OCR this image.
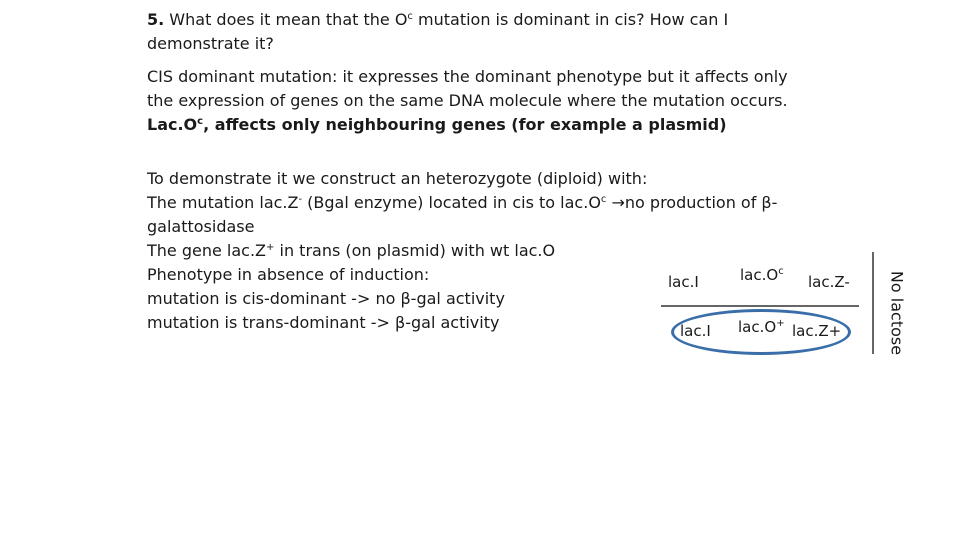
5. What does it mean that the $O^c$ mutation is dominant in cis? How can I

demonstrate it?

CIS dominant mutation: it expresses the dominant phenotype but it affects only

the expression of genes on the same DNA molecule where the mutation occurs.

$Lac.O^c$, affects only neighbouring genes (for example a plasmid)

To demonstrate it we construct an heterozygote (diploid) with:

The mutation lac.Z- (Bgal enzyme) located in cis to $lac.O^c \to no$ production of β-

galattosidase

The gene lac.Z+ in trans (on plasmid) with wt lac.O

Phenotype in absence of induction:

mutation is cis-dominant -> no β-gal activity

mutation is trans-dominant -> β-gal activity

lac.I	$lac.O^c$
lac.Z-
lac.I lac.O+ lac.Z+	No lactose
